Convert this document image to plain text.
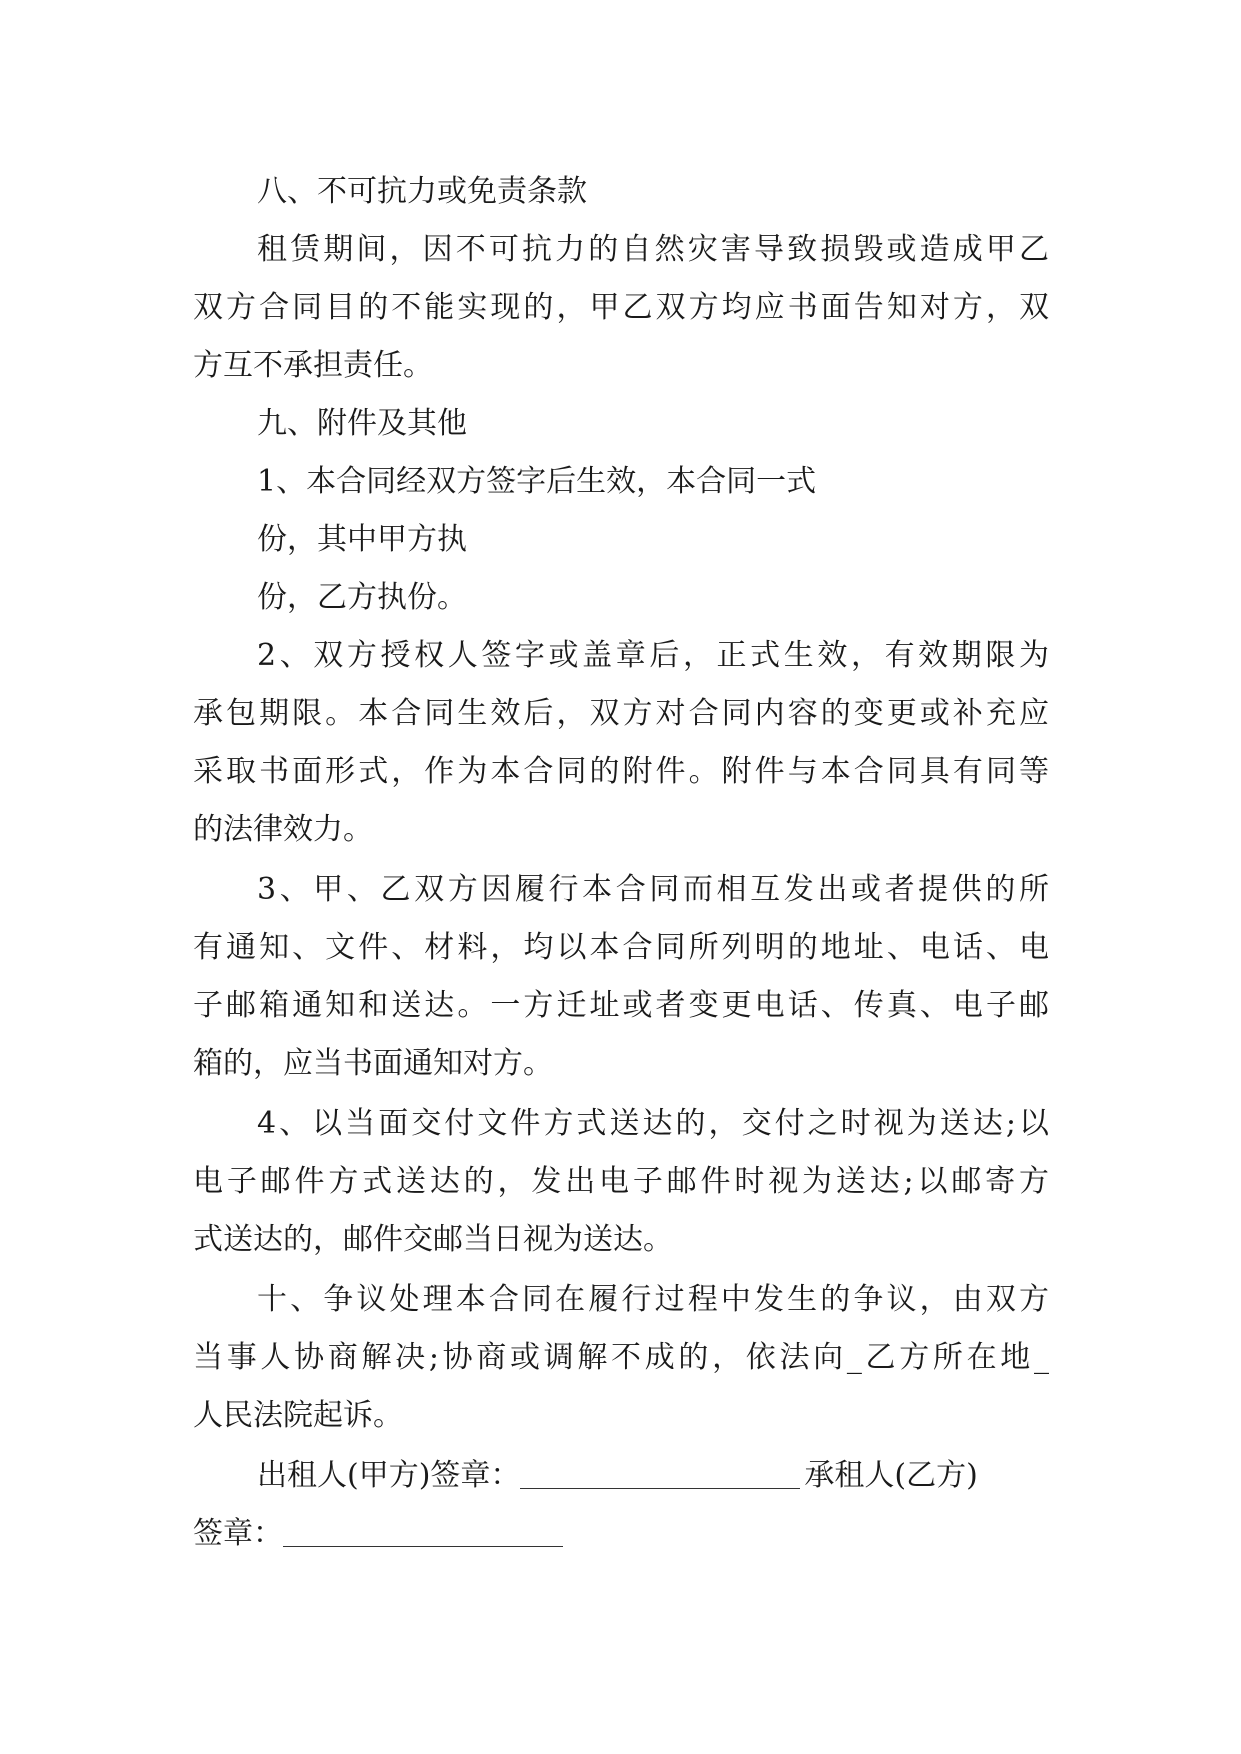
八、不可抗力或免责条款
租赁期间，因不可抗力的自然灾害导致损毁或造成甲乙
双方合同目的不能实现的，甲乙双方均应书面告知对方，双
方互不承担责任。
九、附件及其他
1、本合同经双方签字后生效，本合同一式
份，其中甲方执
份，乙方执份。
2、双方授权人签字或盖章后，正式生效，有效期限为
承包期限。本合同生效后，双方对合同内容的变更或补充应
采取书面形式，作为本合同的附件。附件与本合同具有同等
的法律效力。
3、甲、乙双方因履行本合同而相互发出或者提供的所
有通知、文件、材料，均以本合同所列明的地址、电话、电
子邮箱通知和送达。一方迁址或者变更电话、传真、电子邮
箱的，应当书面通知对方。
4、以当面交付文件方式送达的，交付之时视为送达;以
电子邮件方式送达的，发出电子邮件时视为送达;以邮寄方
式送达的，邮件交邮当日视为送达。
十、争议处理本合同在履行过程中发生的争议，由双方
当事人协商解决;协商或调解不成的，依法向_乙方所在地_
人民法院起诉。
出租人(甲方)签章：	承租人(乙方)
签章：
